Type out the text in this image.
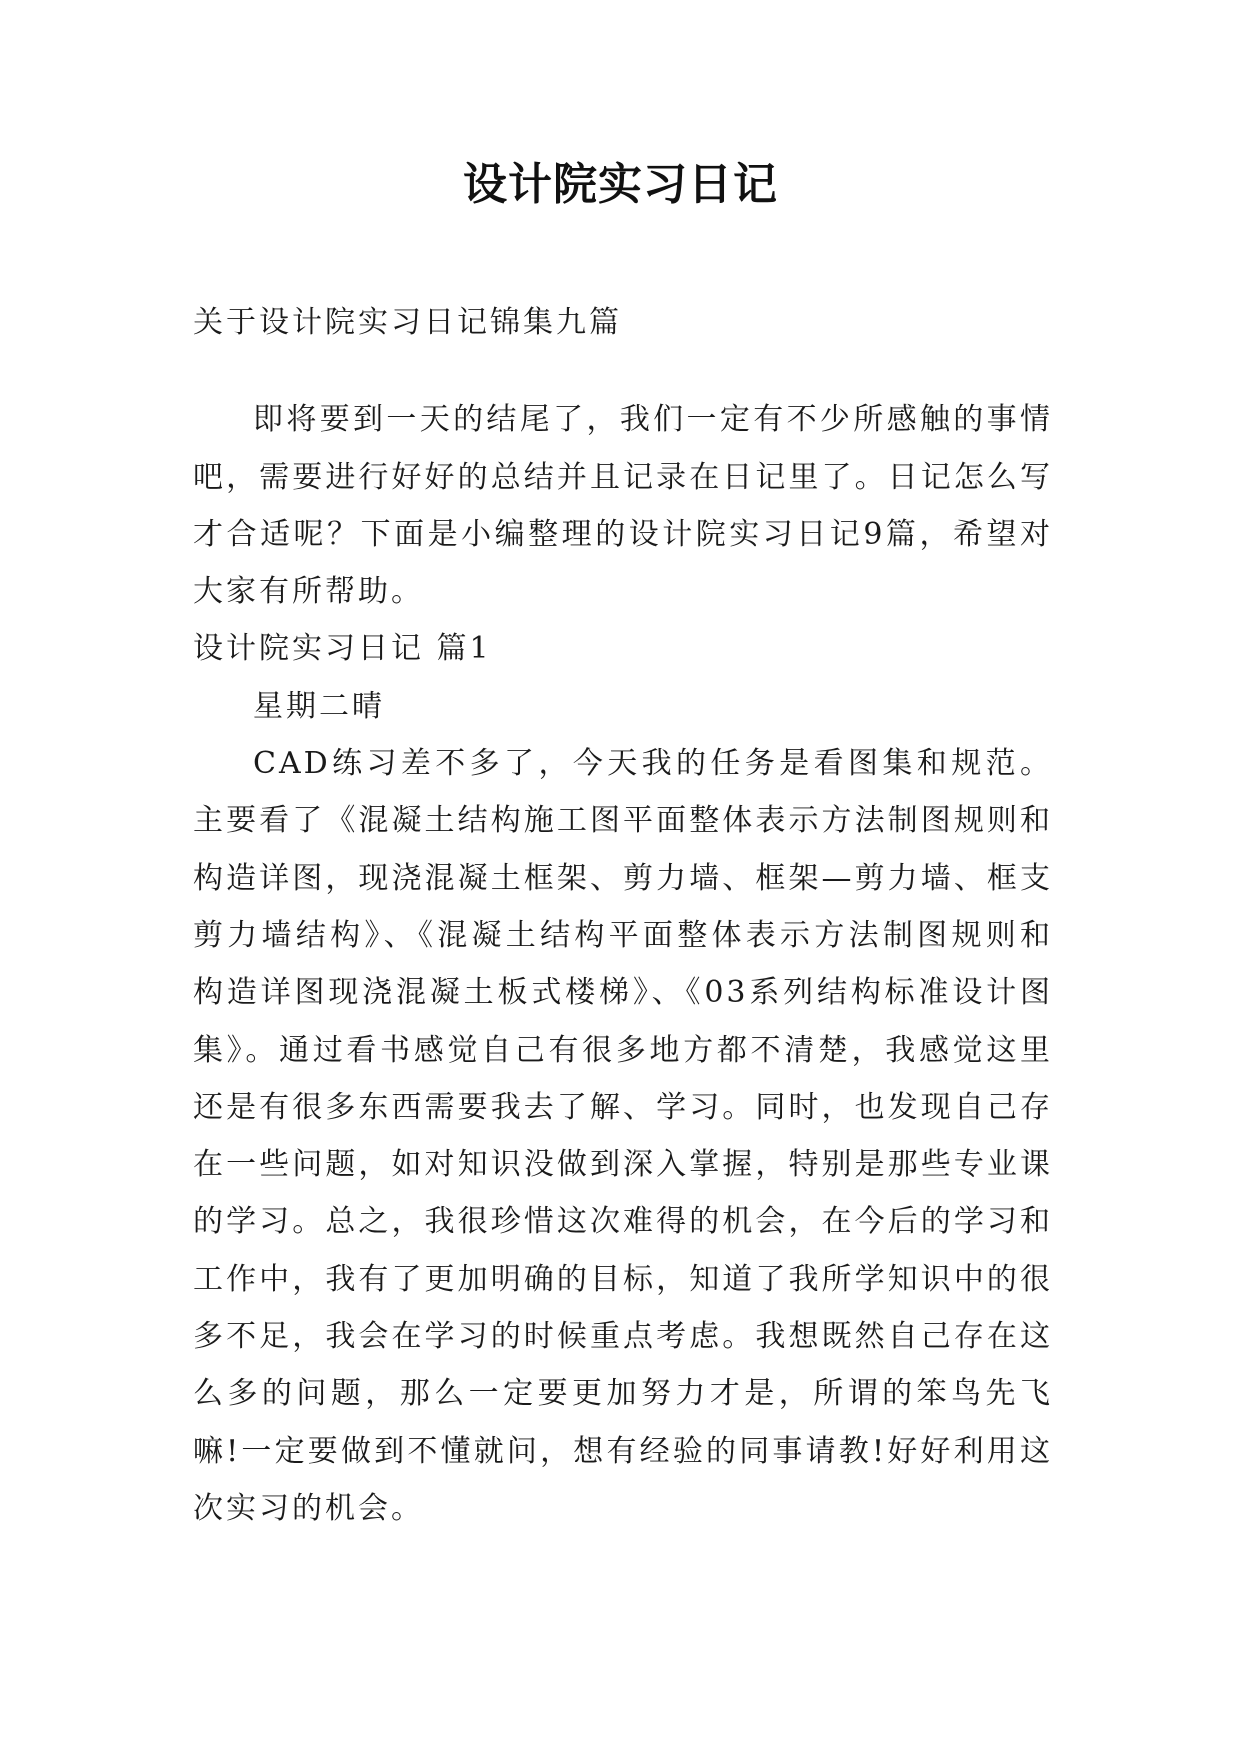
设计院实习日记

关于设计院实习日记锦集九篇

即将要到一天的结尾了，我们一定有不少所感触的事情吧，需要进行好好的总结并且记录在日记里了。日记怎么写才合适呢？下面是小编整理的设计院实习日记9篇，希望对大家有所帮助。

设计院实习日记 篇1

星期二晴

CAD练习差不多了，今天我的任务是看图集和规范。主要看了《混凝土结构施工图平面整体表示方法制图规则和构造详图，现浇混凝土框架、剪力墙、框架—剪力墙、框支剪力墙结构》、《混凝土结构平面整体表示方法制图规则和构造详图现浇混凝土板式楼梯》、《03系列结构标准设计图集》。通过看书感觉自己有很多地方都不清楚，我感觉这里还是有很多东西需要我去了解、学习。同时，也发现自己存在一些问题，如对知识没做到深入掌握，特别是那些专业课的学习。总之，我很珍惜这次难得的机会，在今后的学习和工作中，我有了更加明确的目标，知道了我所学知识中的很多不足，我会在学习的时候重点考虑。我想既然自己存在这么多的问题，那么一定要更加努力才是，所谓的笨鸟先飞嘛!一定要做到不懂就问，想有经验的同事请教!好好利用这次实习的机会。
